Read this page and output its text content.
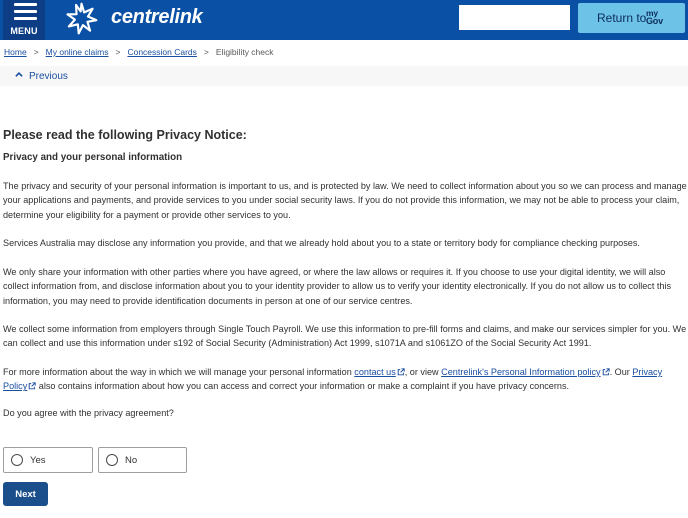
MENU
centrelink	Return to my
Gov
Home > My online claims > Concession Cards > Eligibility check
Previous
Please read the following Privacy Notice:
Privacy and your personal information

The privacy and security of your personal information is important to us, and is protected by law. We need to collect information about you so we can process and manage your applications and payments, and provide services to you under social security laws. If you do not provide this information, we may not be able to process your claim, determine your eligibility for a payment or provide other services to you.

Services Australia may disclose any information you provide, and that we already hold about you to a state or territory body for compliance checking purposes.

We only share your information with other parties where you have agreed, or where the law allows or requires it. If you choose to use your digital identity, we will also collect information from, and disclose information about you to your identity provider to allow us to verify your identity electronically. If you do not allow us to collect this information, you may need to provide identification documents in person at one of our service centres.

We collect some information from employers through Single Touch Payroll. We use this information to pre-fill forms and claims, and make our services simpler for you. We can collect and use this information under s192 of Social Security (Administration) Act 1999, s1071A and s1061ZO of the Social Security Act 1991.

For more information about the way in which we will manage your personal information contact us , or view Centrelink's Personal Information policy . Our Privacy Policy also contains information about how you can access and correct your information or make a complaint if you have privacy concerns.

Do you agree with the privacy agreement?

Yes	No
Next
